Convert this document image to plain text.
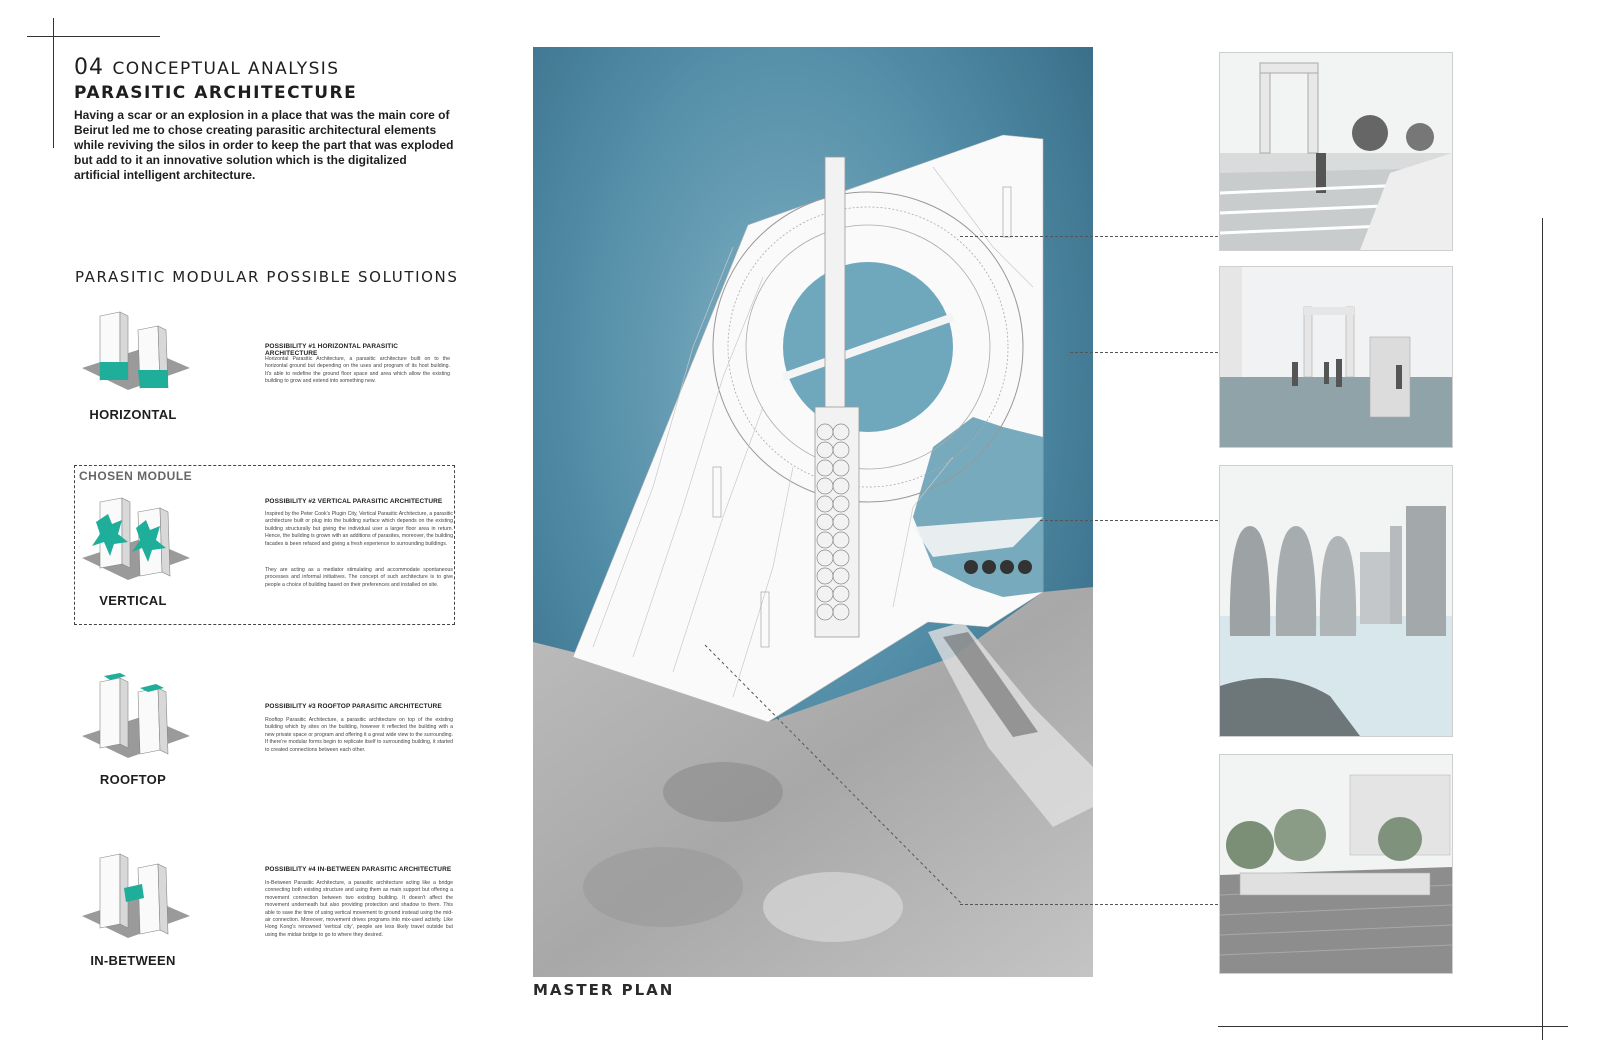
04 CONCEPTUAL ANALYSIS
PARASITIC ARCHITECTURE
Having a scar or an explosion in a place that was the main core of Beirut led me to chose creating parasitic architectural elements while reviving the silos in order to keep the part that was exploded but add to it an innovative solution which is the digitalized artificial intelligent architecture.
PARASITIC MODULAR POSSIBLE SOLUTIONS
HORIZONTAL
POSSIBILITY #1 HORIZONTAL PARASITIC ARCHITECTURE
Horizontal Parasitic Architecture, a parasitic architecture built on to the horizontal ground but depending on the uses and program of its host building. It's able to redefine the ground floor space and area which allow the existing building to grow and extend into something new.
CHOSEN MODULE
VERTICAL
POSSIBILITY #2 VERTICAL PARASITIC ARCHITECTURE
Inspired by the Peter Cook's Plugin City, Vertical Parasitic Architecture, a parasitic architecture built or plug into the building surface which depends on the existing building structurally but giving the individual user a larger floor area in return. Hence, the building is grown with an additions of parasites, moreover, the building facades is been refaced and giving a fresh experience to surrounding buildings.
They are acting as a mediator stimulating and accommodate spontaneous processes and informal initiatives. The concept of such architecture is to give people a choice of building based on their preferences and installed on site.
ROOFTOP
POSSIBILITY #3 ROOFTOP PARASITIC ARCHITECTURE
Rooftop Parasitic Architecture, a parasitic architecture on top of the existing building which by sites on the building, however it reflected the building with a new private space or program and offering it a great wide view to the surrounding. If there're modular forms begin to replicate itself to surrounding building, it started to created connections between each other.
IN-BETWEEN
POSSIBILITY #4 IN-BETWEEN PARASITIC ARCHITECTURE
In-Between Parasitic Architecture, a parasitic architecture acting like a bridge connecting both existing structure and using them as main support but offering a movement connection between two existing building. It doesn't affect the movement underneath but also providing protection and shadow to them. This able to save the time of using vertical movement to ground instead using the mid-air connection. Moreover, movement drives programs into mix-used activity. Like Hong Kong's renowned 'vertical city', people are less likely travel outside but using the midair bridge to go to where they desired.
MASTER PLAN
